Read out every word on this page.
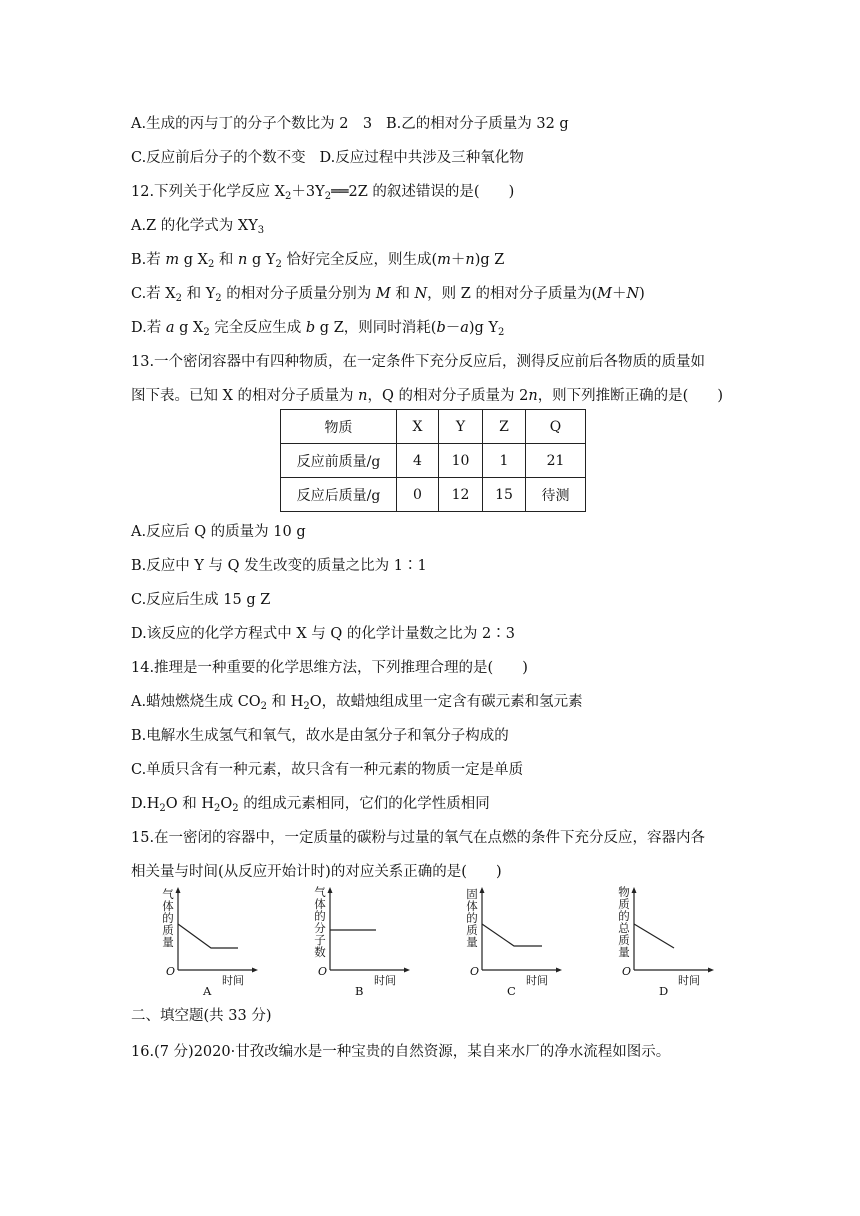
A.生成的丙与丁的分子个数比为 2　3 B.乙的相对分子质量为 32 g
C.反应前后分子的个数不变 D.反应过程中共涉及三种氧化物
12.下列关于化学反应 $X_2+3Y_2══2Z$ 的叙述错误的是(　　)
A.Z 的化学式为 $XY_3$
B.若 m g $X_2$ 和 n g $Y_2$ 恰好完全反应，则生成(m＋n)g Z
C.若 $X_2$ 和 $Y_2$ 的相对分子质量分别为 M 和 N，则 Z 的相对分子质量为(M＋N)
D.若 a g $X_2$ 完全反应生成 b g Z，则同时消耗(b－a)g $Y_2$
13.一个密闭容器中有四种物质，在一定条件下充分反应后，测得反应前后各物质的质量如
图下表。已知 X 的相对分子质量为 n，Q 的相对分子质量为 2n，则下列推断正确的是(　　)
物质	X	Y	Z	Q
反应前质量/g	4	10	1	21
反应后质量/g	0	12	15	待测
A.反应后 Q 的质量为 10 g
B.反应中 Y 与 Q 发生改变的质量之比为 1∶1
C.反应后生成 15 g Z
D.该反应的化学方程式中 X 与 Q 的化学计量数之比为 2∶3
14.推理是一种重要的化学思维方法，下列推理合理的是(　　)
A.蜡烛燃烧生成 $CO_2$ 和 $H_2O$，故蜡烛组成里一定含有碳元素和氢元素
B.电解水生成氢气和氧气，故水是由氢分子和氧分子构成的
C.单质只含有一种元素，故只含有一种元素的物质一定是单质
$D.H_2O$ 和 $H_2O_2$ 的组成元素相同，它们的化学性质相同
15.在一密闭的容器中，一定质量的碳粉与过量的氧气在点燃的条件下充分反应，容器内各
相关量与时间(从反应开始计时)的对应关系正确的是(　　)
气体的质量
O
时间
A
气体的分子数
O
时间
B
固体的质量
O
时间
C
物质的总质量
O
时间
D
二、填空题(共 33 分)
16.(7 分)2020·甘孜改编水是一种宝贵的自然资源，某自来水厂的净水流程如图示。
